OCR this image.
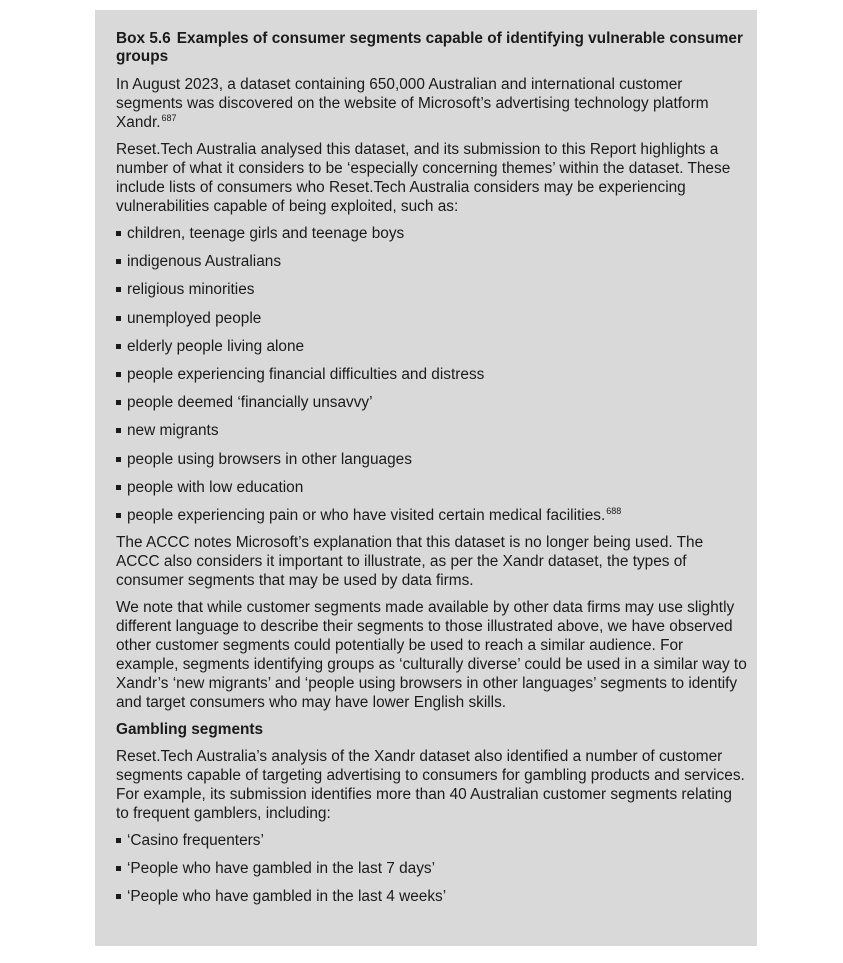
Box 5.6 Examples of consumer segments capable of identifying vulnerable consumer groups

In August 2023, a dataset containing 650,000 Australian and international customer segments was discovered on the website of Microsoft’s advertising technology platform Xandr.$^{687}$

Reset.Tech Australia analysed this dataset, and its submission to this Report highlights a number of what it considers to be ‘especially concerning themes’ within the dataset. These include lists of consumers who Reset.Tech Australia considers may be experiencing vulnerabilities capable of being exploited, such as:

children, teenage girls and teenage boys
indigenous Australians
religious minorities
unemployed people
elderly people living alone
people experiencing financial difficulties and distress
people deemed ‘financially unsavvy’
new migrants
people using browsers in other languages
people with low education
people experiencing pain or who have visited certain medical facilities.$^{688}$

The ACCC notes Microsoft’s explanation that this dataset is no longer being used. The ACCC also considers it important to illustrate, as per the Xandr dataset, the types of consumer segments that may be used by data firms.

We note that while customer segments made available by other data firms may use slightly different language to describe their segments to those illustrated above, we have observed other customer segments could potentially be used to reach a similar audience. For example, segments identifying groups as ‘culturally diverse’ could be used in a similar way to Xandr’s ‘new migrants’ and ‘people using browsers in other languages’ segments to identify and target consumers who may have lower English skills.

Gambling segments

Reset.Tech Australia’s analysis of the Xandr dataset also identified a number of customer segments capable of targeting advertising to consumers for gambling products and services. For example, its submission identifies more than 40 Australian customer segments relating to frequent gamblers, including:

‘Casino frequenters’
‘People who have gambled in the last 7 days’
‘People who have gambled in the last 4 weeks’
